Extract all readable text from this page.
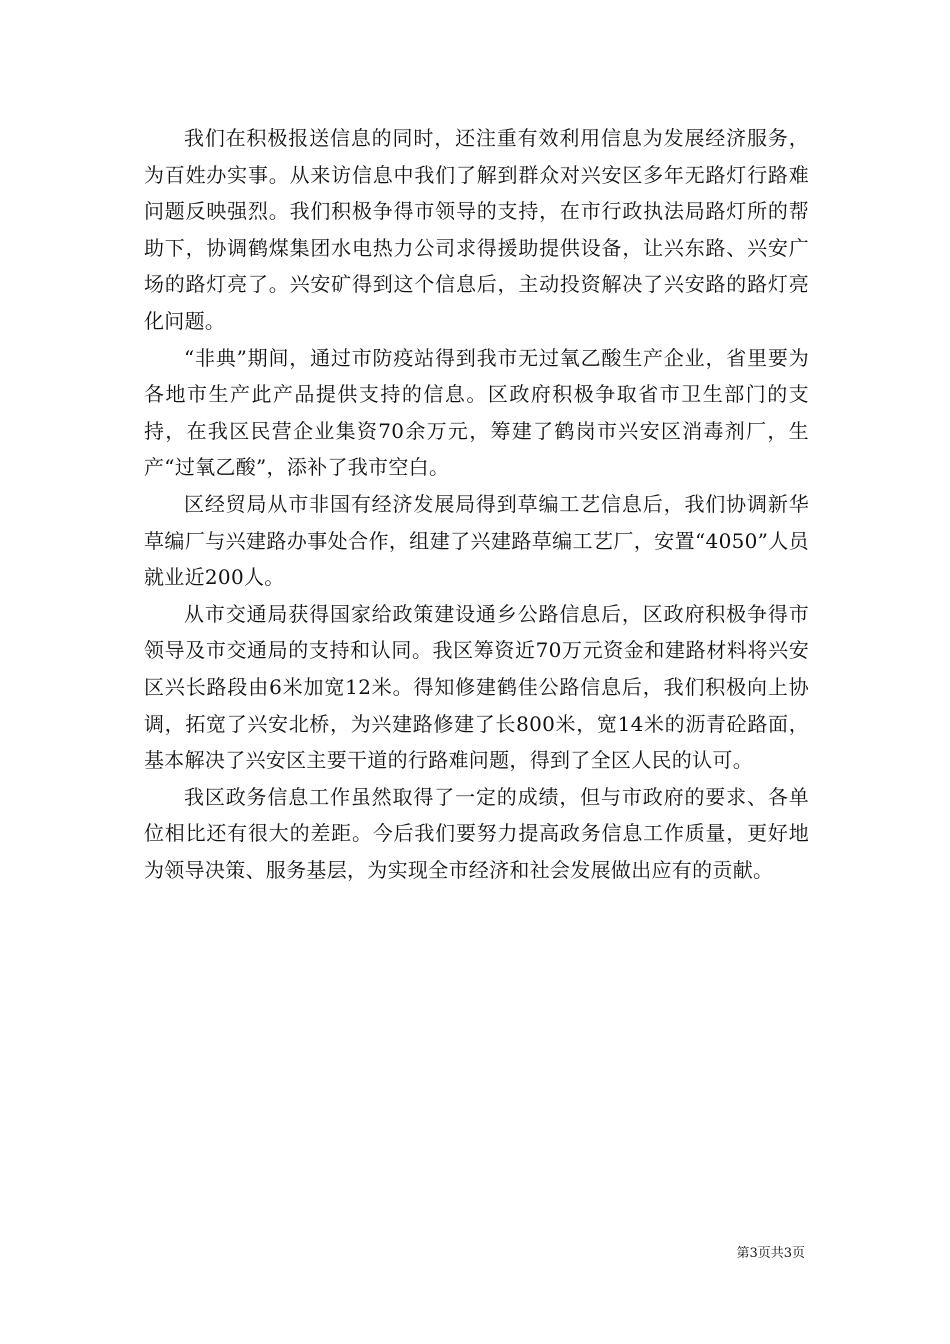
我们在积极报送信息的同时，还注重有效利用信息为发展经济服务，为百姓办实事。从来访信息中我们了解到群众对兴安区多年无路灯行路难问题反映强烈。我们积极争得市领导的支持，在市行政执法局路灯所的帮助下，协调鹤煤集团水电热力公司求得援助提供设备，让兴东路、兴安广场的路灯亮了。兴安矿得到这个信息后，主动投资解决了兴安路的路灯亮化问题。

“非典”期间，通过市防疫站得到我市无过氧乙酸生产企业，省里要为各地市生产此产品提供支持的信息。区政府积极争取省市卫生部门的支持，在我区民营企业集资70余万元，筹建了鹤岗市兴安区消毒剂厂，生产“过氧乙酸”，添补了我市空白。

区经贸局从市非国有经济发展局得到草编工艺信息后，我们协调新华草编厂与兴建路办事处合作，组建了兴建路草编工艺厂，安置“4050”人员就业近200人。

从市交通局获得国家给政策建设通乡公路信息后，区政府积极争得市领导及市交通局的支持和认同。我区筹资近70万元资金和建路材料将兴安区兴长路段由6米加宽12米。得知修建鹤佳公路信息后，我们积极向上协调，拓宽了兴安北桥，为兴建路修建了长800米，宽14米的沥青砼路面，基本解决了兴安区主要干道的行路难问题，得到了全区人民的认可。

我区政务信息工作虽然取得了一定的成绩，但与市政府的要求、各单位相比还有很大的差距。今后我们要努力提高政务信息工作质量，更好地为领导决策、服务基层，为实现全市经济和社会发展做出应有的贡献。

第3页共3页
